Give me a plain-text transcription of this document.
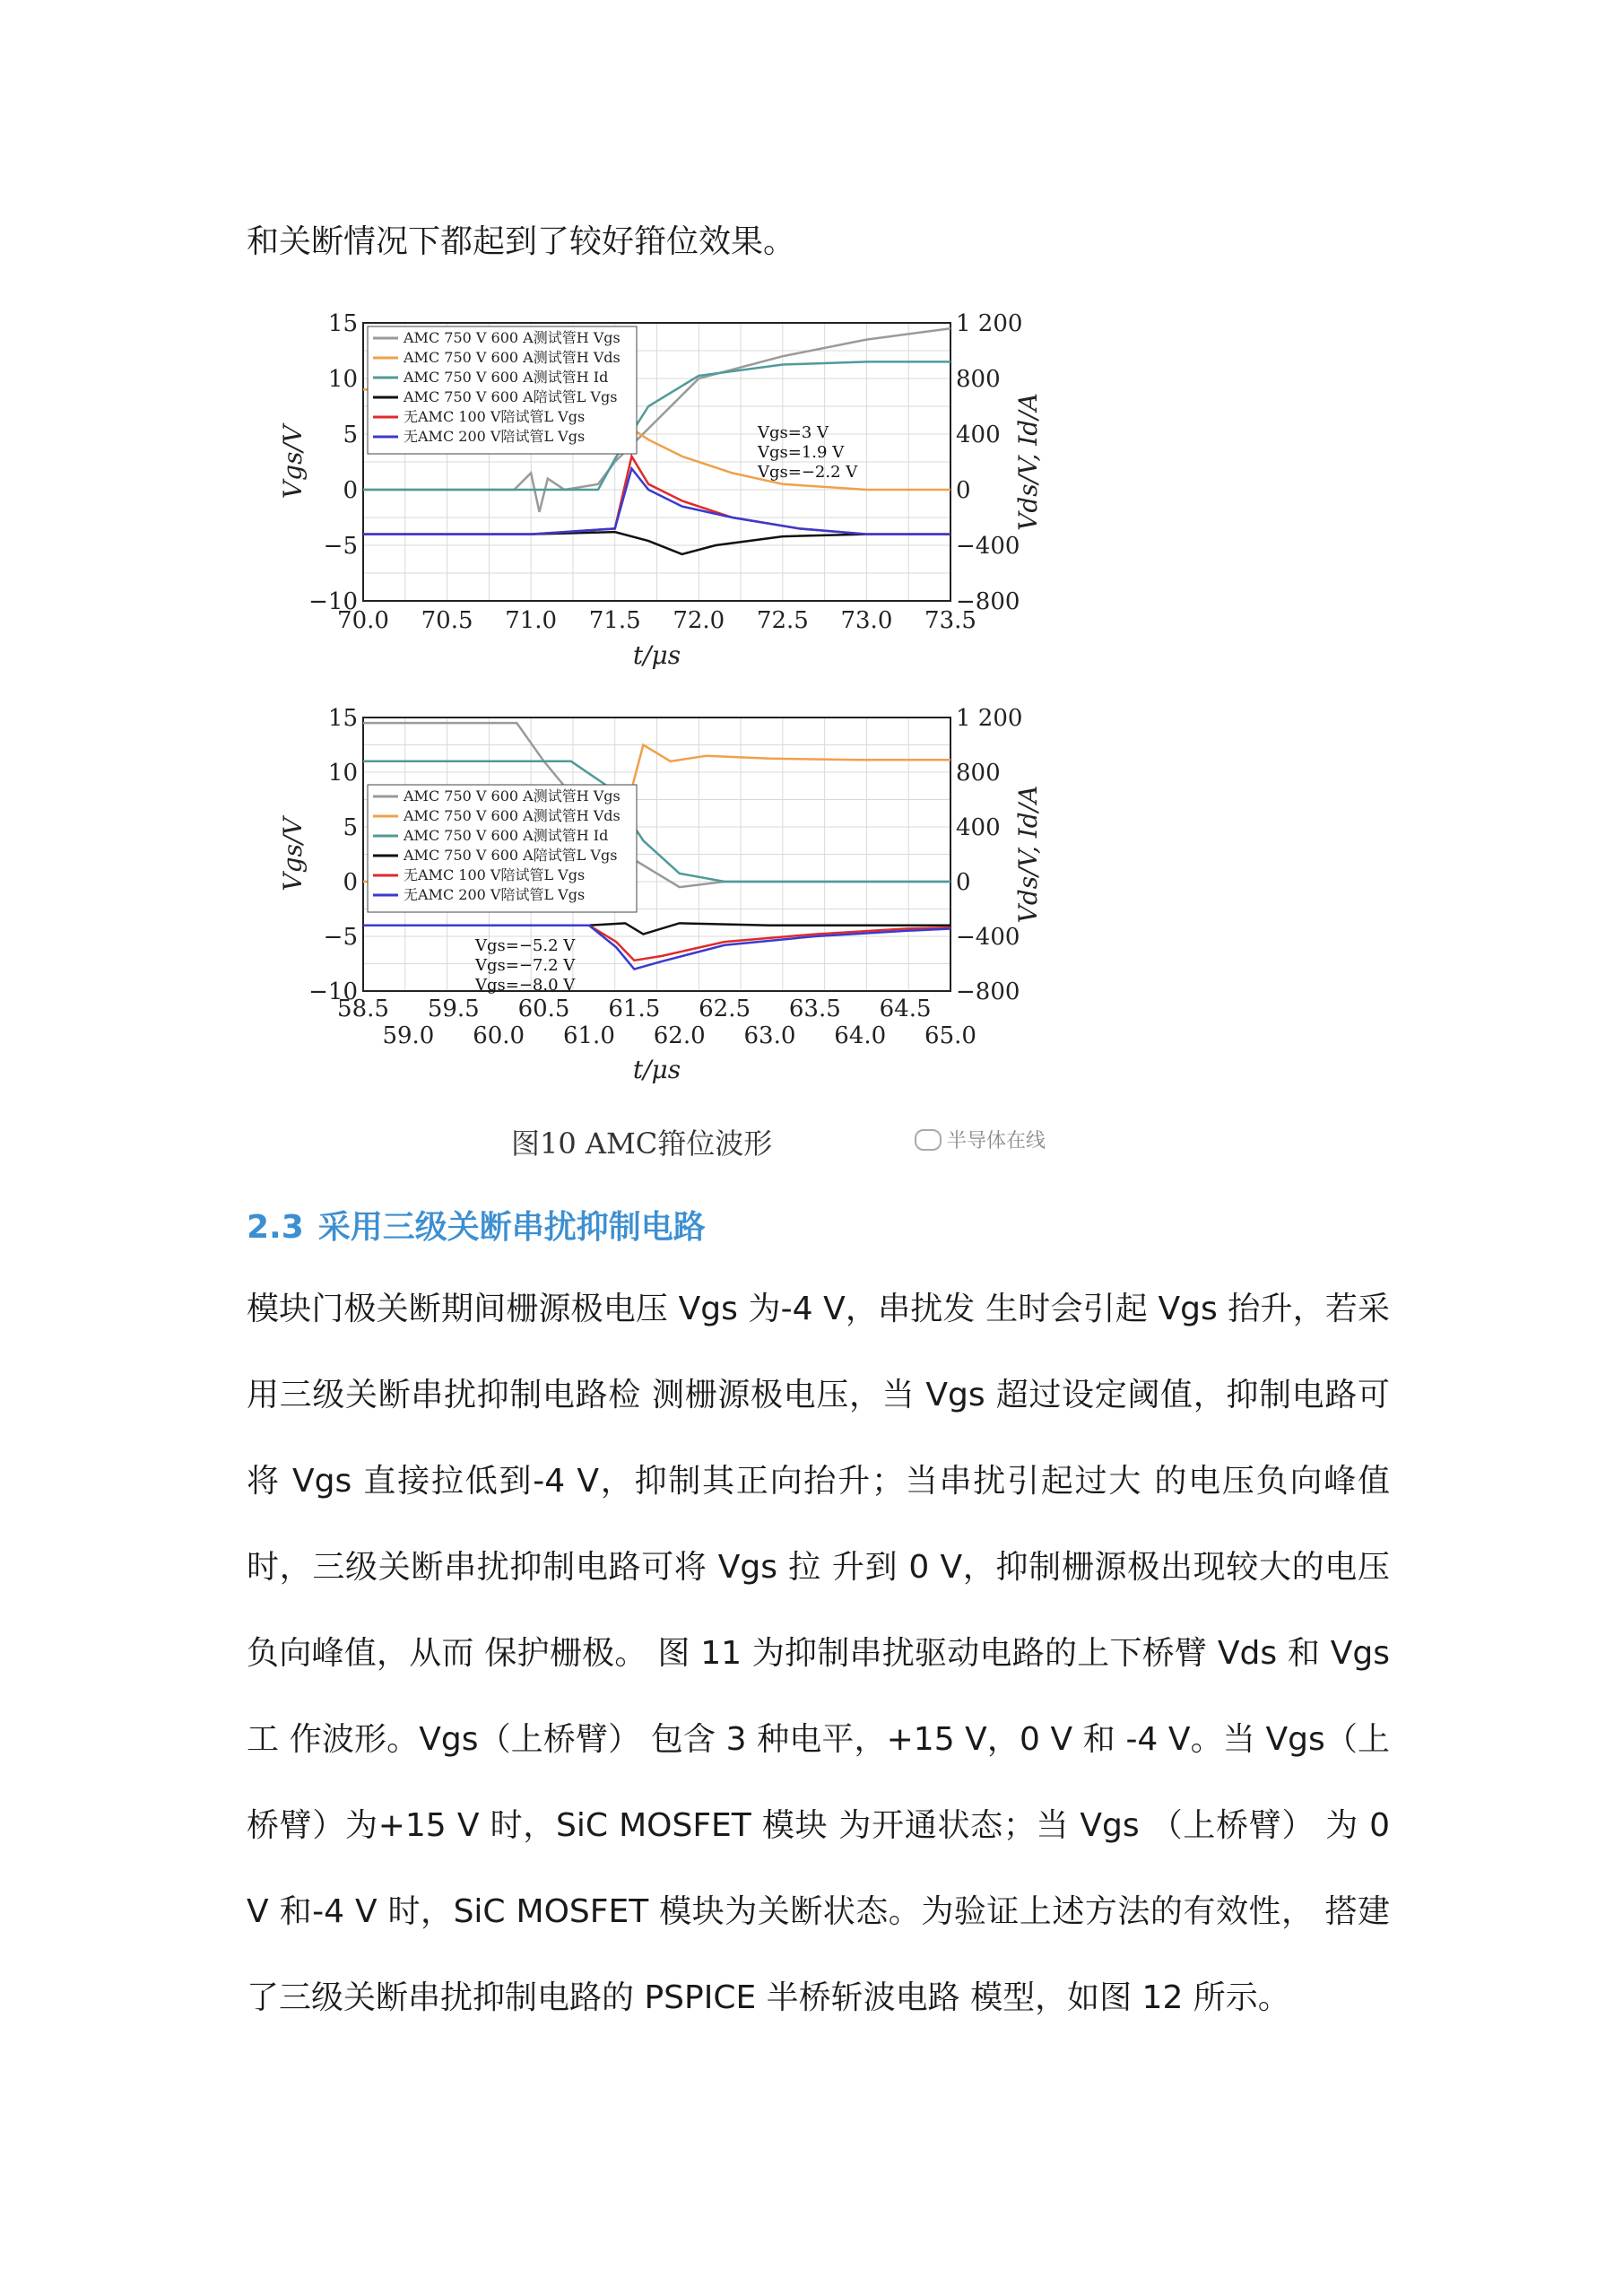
和关断情况下都起到了较好箝位效果。

15
10
5
0
−5
−10
1 200
800
400
0
−400
−800
70.0 70.5 71.0 71.5 72.0 72.5 73.0 73.5
t/μs
Vgs/V	Vds/V, Id/A
AMC 750 V 600 A测试管H Vgs
AMC 750 V 600 A测试管H Vds
AMC 750 V 600 A测试管H Id
AMC 750 V 600 A陪试管L Vgs
无AMC 100 V陪试管L Vgs
无AMC 200 V陪试管L Vgs	Vgs=3 V
Vgs=1.9 V
Vgs=−2.2 V
15
10
5
0
−5
−10
1 200
800
400
0
−400
−800
58.5 59.5 60.5 61.5 62.5 63.5 64.5
59.0 60.0 61.0 62.0 63.0 64.0 65.0
t/μs
Vgs/V	Vds/V, Id/A
AMC 750 V 600 A测试管H Vgs
AMC 750 V 600 A测试管H Vds
AMC 750 V 600 A测试管H Id
AMC 750 V 600 A陪试管L Vgs
无AMC 100 V陪试管L Vgs
无AMC 200 V陪试管L Vgs
Vgs=−5.2 V
Vgs=−7.2 V
Vgs=−8.0 V
图10 AMC箝位波形	半导体在线
2.3 采用三级关断串扰抑制电路

模块门极关断期间栅源极电压 Vgs 为-4 V，串扰发 生时会引起 Vgs 抬升，若采用三级关断串扰抑制电路检 测栅源极电压，当 Vgs 超过设定阈值，抑制电路可将 Vgs 直接拉低到-4 V，抑制其正向抬升；当串扰引起过大 的电压负向峰值时，三级关断串扰抑制电路可将 Vgs 拉 升到 0 V，抑制栅源极出现较大的电压负向峰值，从而 保护栅极。 图 11 为抑制串扰驱动电路的上下桥臂 Vds 和 Vgs 工 作波形。Vgs（上桥臂） 包含 3 种电平，+15 V，0 V 和 -4 V。当 Vgs（上桥臂）为+15 V 时，SiC MOSFET 模块 为开通状态；当 Vgs （上桥臂） 为 0 V 和-4 V 时，SiC MOSFET 模块为关断状态。为验证上述方法的有效性， 搭建了三级关断串扰抑制电路的 PSPICE 半桥斩波电路 模型，如图 12 所示。
